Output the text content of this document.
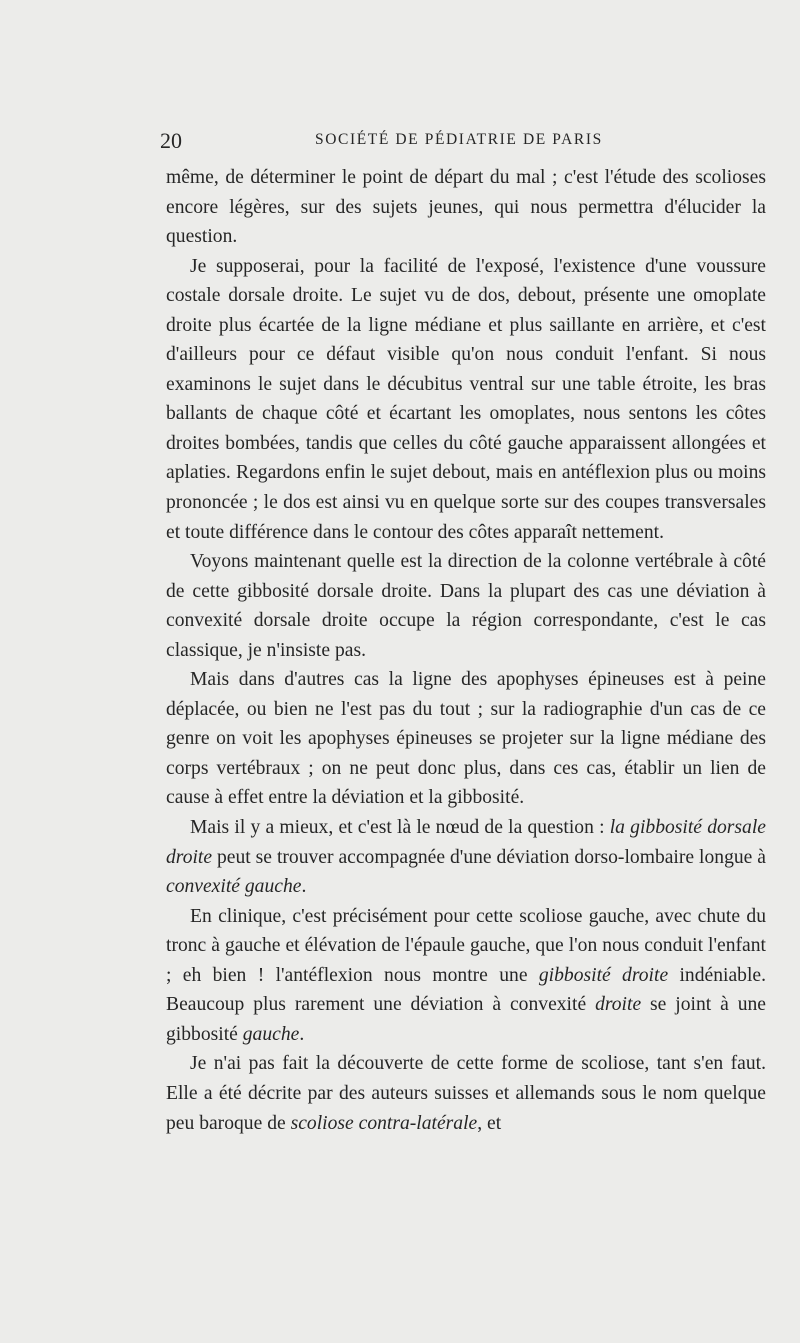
20	SOCIÉTÉ DE PÉDIATRIE DE PARIS

même, de déterminer le point de départ du mal ; c'est l'étude des scolioses encore légères, sur des sujets jeunes, qui nous permettra d'élucider la question.

Je supposerai, pour la facilité de l'exposé, l'existence d'une voussure costale dorsale droite. Le sujet vu de dos, debout, présente une omoplate droite plus écartée de la ligne médiane et plus saillante en arrière, et c'est d'ailleurs pour ce défaut visible qu'on nous conduit l'enfant. Si nous examinons le sujet dans le décubitus ventral sur une table étroite, les bras ballants de chaque côté et écartant les omoplates, nous sentons les côtes droites bombées, tandis que celles du côté gauche apparaissent allongées et aplaties. Regardons enfin le sujet debout, mais en antéflexion plus ou moins prononcée ; le dos est ainsi vu en quelque sorte sur des coupes transversales et toute différence dans le contour des côtes apparaît nettement.

Voyons maintenant quelle est la direction de la colonne vertébrale à côté de cette gibbosité dorsale droite. Dans la plupart des cas une déviation à convexité dorsale droite occupe la région correspondante, c'est le cas classique, je n'insiste pas.

Mais dans d'autres cas la ligne des apophyses épineuses est à peine déplacée, ou bien ne l'est pas du tout ; sur la radiographie d'un cas de ce genre on voit les apophyses épineuses se projeter sur la ligne médiane des corps vertébraux ; on ne peut donc plus, dans ces cas, établir un lien de cause à effet entre la déviation et la gibbosité.

Mais il y a mieux, et c'est là le nœud de la question : la gibbosité dorsale droite peut se trouver accompagnée d'une déviation dorso-lombaire longue à convexité gauche.

En clinique, c'est précisément pour cette scoliose gauche, avec chute du tronc à gauche et élévation de l'épaule gauche, que l'on nous conduit l'enfant ; eh bien ! l'antéflexion nous montre une gibbosité droite indéniable. Beaucoup plus rarement une déviation à convexité droite se joint à une gibbosité gauche.

Je n'ai pas fait la découverte de cette forme de scoliose, tant s'en faut. Elle a été décrite par des auteurs suisses et allemands sous le nom quelque peu baroque de scoliose contra-latérale, et
